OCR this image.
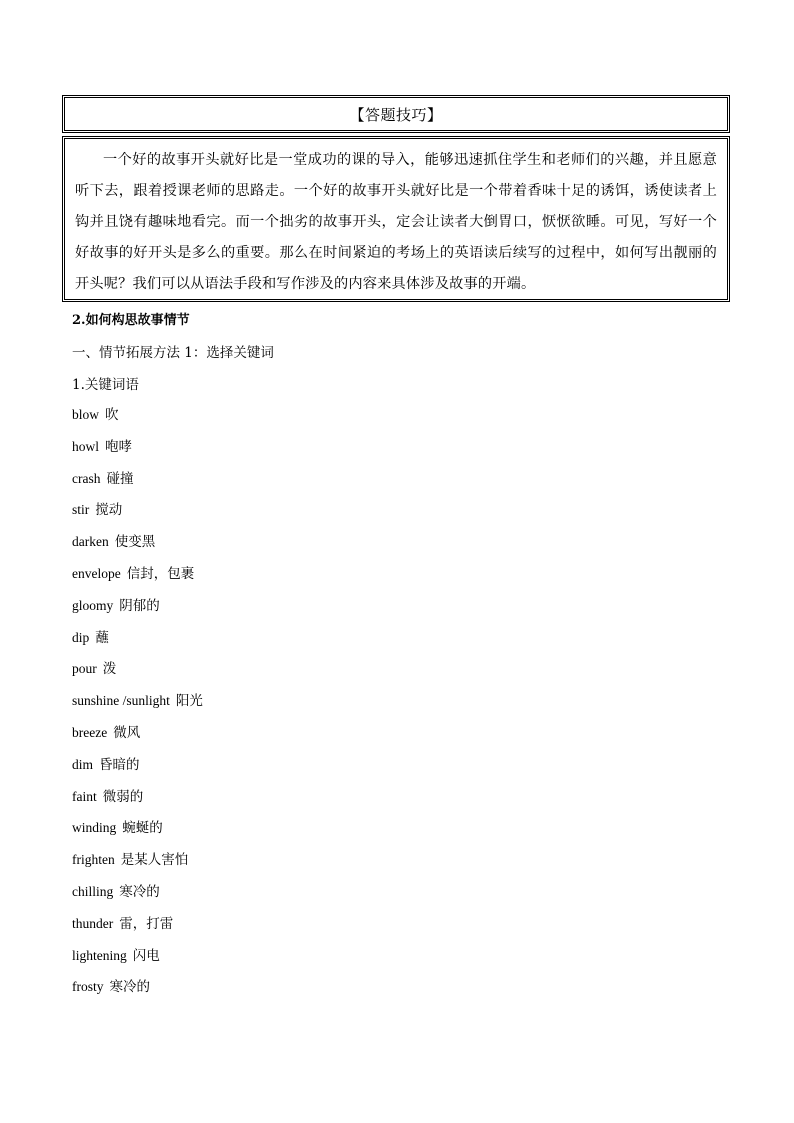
【答题技巧】
一个好的故事开头就好比是一堂成功的课的导入，能够迅速抓住学生和老师们的兴趣，并且愿意听下去，跟着授课老师的思路走。一个好的故事开头就好比是一个带着香味十足的诱饵，诱使读者上钩并且饶有趣味地看完。而一个拙劣的故事开头，定会让读者大倒胃口，恹恹欲睡。可见，写好一个好故事的好开头是多么的重要。那么在时间紧迫的考场上的英语读后续写的过程中，如何写出靓丽的开头呢？我们可以从语法手段和写作涉及的内容来具体涉及故事的开端。
2.如何构思故事情节
一、情节拓展方法 1：选择关键词
1.关键词语
blow 吹
howl 咆哮
crash 碰撞
stir 搅动
darken 使变黑
envelope 信封，包裹
gloomy 阴郁的
dip 蘸
pour 泼
sunshine /sunlight 阳光
breeze 微风
dim 昏暗的
faint 微弱的
winding 蜿蜒的
frighten 是某人害怕
chilling 寒冷的
thunder 雷，打雷
lightening 闪电
frosty 寒冷的
